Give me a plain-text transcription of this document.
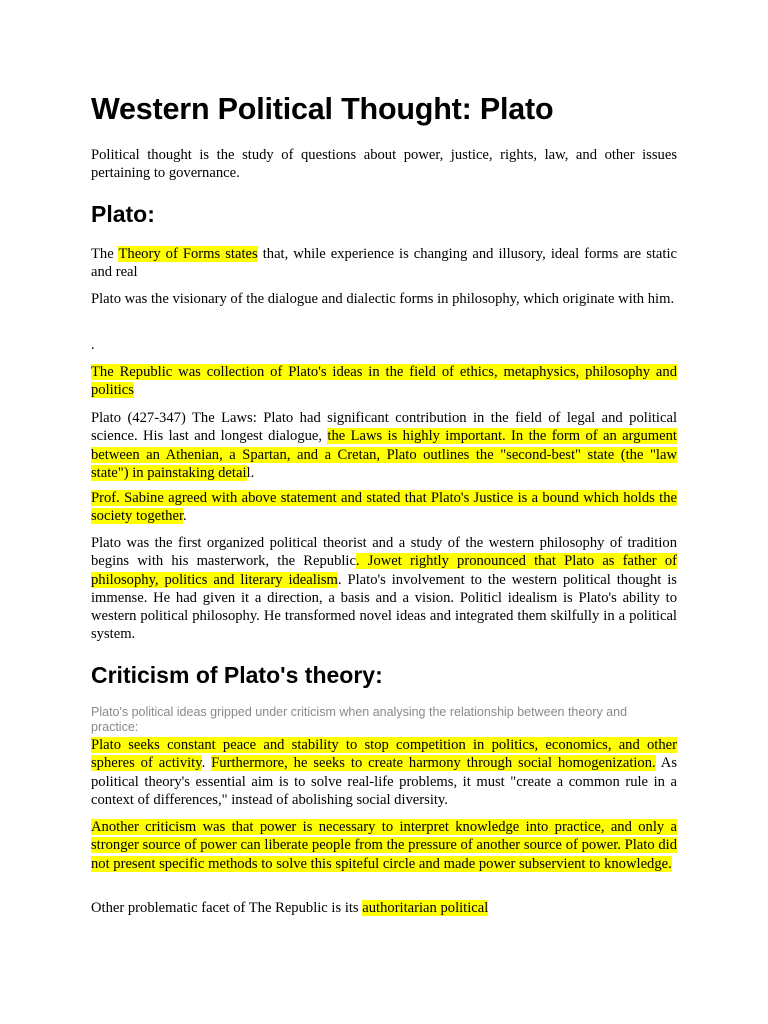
Western Political Thought: Plato

Political thought is the study of questions about power, justice, rights, law, and other issues pertaining to governance.

Plato:

The Theory of Forms states that, while experience is changing and illusory, ideal forms are static and real

Plato was the visionary of the dialogue and dialectic forms in philosophy, which originate with him.

.

The Republic was collection of Plato's ideas in the field of ethics, metaphysics, philosophy and politics

Plato (427-347) The Laws: Plato had significant contribution in the field of legal and political science. His last and longest dialogue, the Laws is highly important. In the form of an argument between an Athenian, a Spartan, and a Cretan, Plato outlines the "second-best" state (the "law state") in painstaking detail.

Prof. Sabine agreed with above statement and stated that Plato's Justice is a bound which holds the society together.

Plato was the first organized political theorist and a study of the western philosophy of tradition begins with his masterwork, the Republic. Jowet rightly pronounced that Plato as father of philosophy, politics and literary idealism. Plato's involvement to the western political thought is immense. He had given it a direction, a basis and a vision. Politicl idealism is Plato's ability to western political philosophy. He transformed novel ideas and integrated them skilfully in a political system.

Criticism of Plato's theory:

Plato's political ideas gripped under criticism when analysing the relationship between theory and practice:

Plato seeks constant peace and stability to stop competition in politics, economics, and other spheres of activity. Furthermore, he seeks to create harmony through social homogenization. As political theory's essential aim is to solve real-life problems, it must "create a common rule in a context of differences," instead of abolishing social diversity.

Another criticism was that power is necessary to interpret knowledge into practice, and only a stronger source of power can liberate people from the pressure of another source of power. Plato did not present specific methods to solve this spiteful circle and made power subservient to knowledge.

Other problematic facet of The Republic is its authoritarian political
